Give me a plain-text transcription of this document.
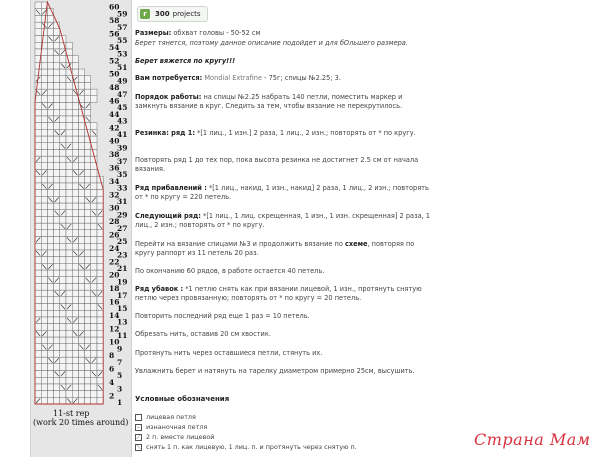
60
58
56
54
52
50
48
46
44
42
40
38
36
34
32
30
28
26
24
22
20
18
16
14
12
10
8
6
4
2
59
57
55
53
51
49
47
45
43
41
39
37
35
33
31
29
27
25
23
21
19
17
15
13
11
9
7
5
3
1
11-st rep
(work 20 times around)
r	300 projects

Размеры: обхват головы - 50-52 см

Берет тянется, поэтому данное описание подойдет и для бОльшего размера.

Берет вяжется по кругу!!!

Вам потребуется: Mondial Extrafine - 75г; спицы №2.25; 3.

Порядок работы: на спицы №2.25 набрать 140 петли, поместить маркер и замкнуть вязание в круг. Следить за тем, чтобы вязание не перекрутилось.

Резинка: ряд 1: *[1 лиц., 1 изн.] 2 раза, 1 лиц., 2 изн.; повторять от * по кругу.

Повторять ряд 1 до тех пор, пока высота резинка не достигнет 2.5 см от начала вязания.

Ряд прибавлений : *[1 лиц., накид, 1 изн., накид] 2 раза, 1 лиц., 2 изн.; повторять от * по кругу = 220 петель.

Следующий ряд: *[1 лиц., 1 лиц. скрещенная, 1 изн., 1 изн. скрещенная] 2 раза, 1 лиц., 2 изн.; повторять от * по кругу.

Перейти на вязание спицами №3 и продолжить вязание по схеме, повторяя по кругу раппорт из 11 петель 20 раз.

По окончанию 60 рядов, в работе остается 40 петель.

Ряд убавок : *1 петлю снять как при вязании лицевой, 1 изн., протянуть снятую петлю через провязанную; повторять от * по кругу = 20 петель.

Повторить последний ряд еще 1 раз = 10 петель.

Обрезать нить, оставив 20 см хвостик.

Протянуть нить через оставшиеся петли, стянуть их.

Увлажнить берет и натянуть на тарелку диаметром примерно 25см, высушить.

Условные обозначения

лицевая петля
– изнаночная петля
⟋ 2 п. вместе лицевой
⟍ снять 1 п. как лицевую, 1 лиц. п. и протянуть через снятую п.	Страна Мам
